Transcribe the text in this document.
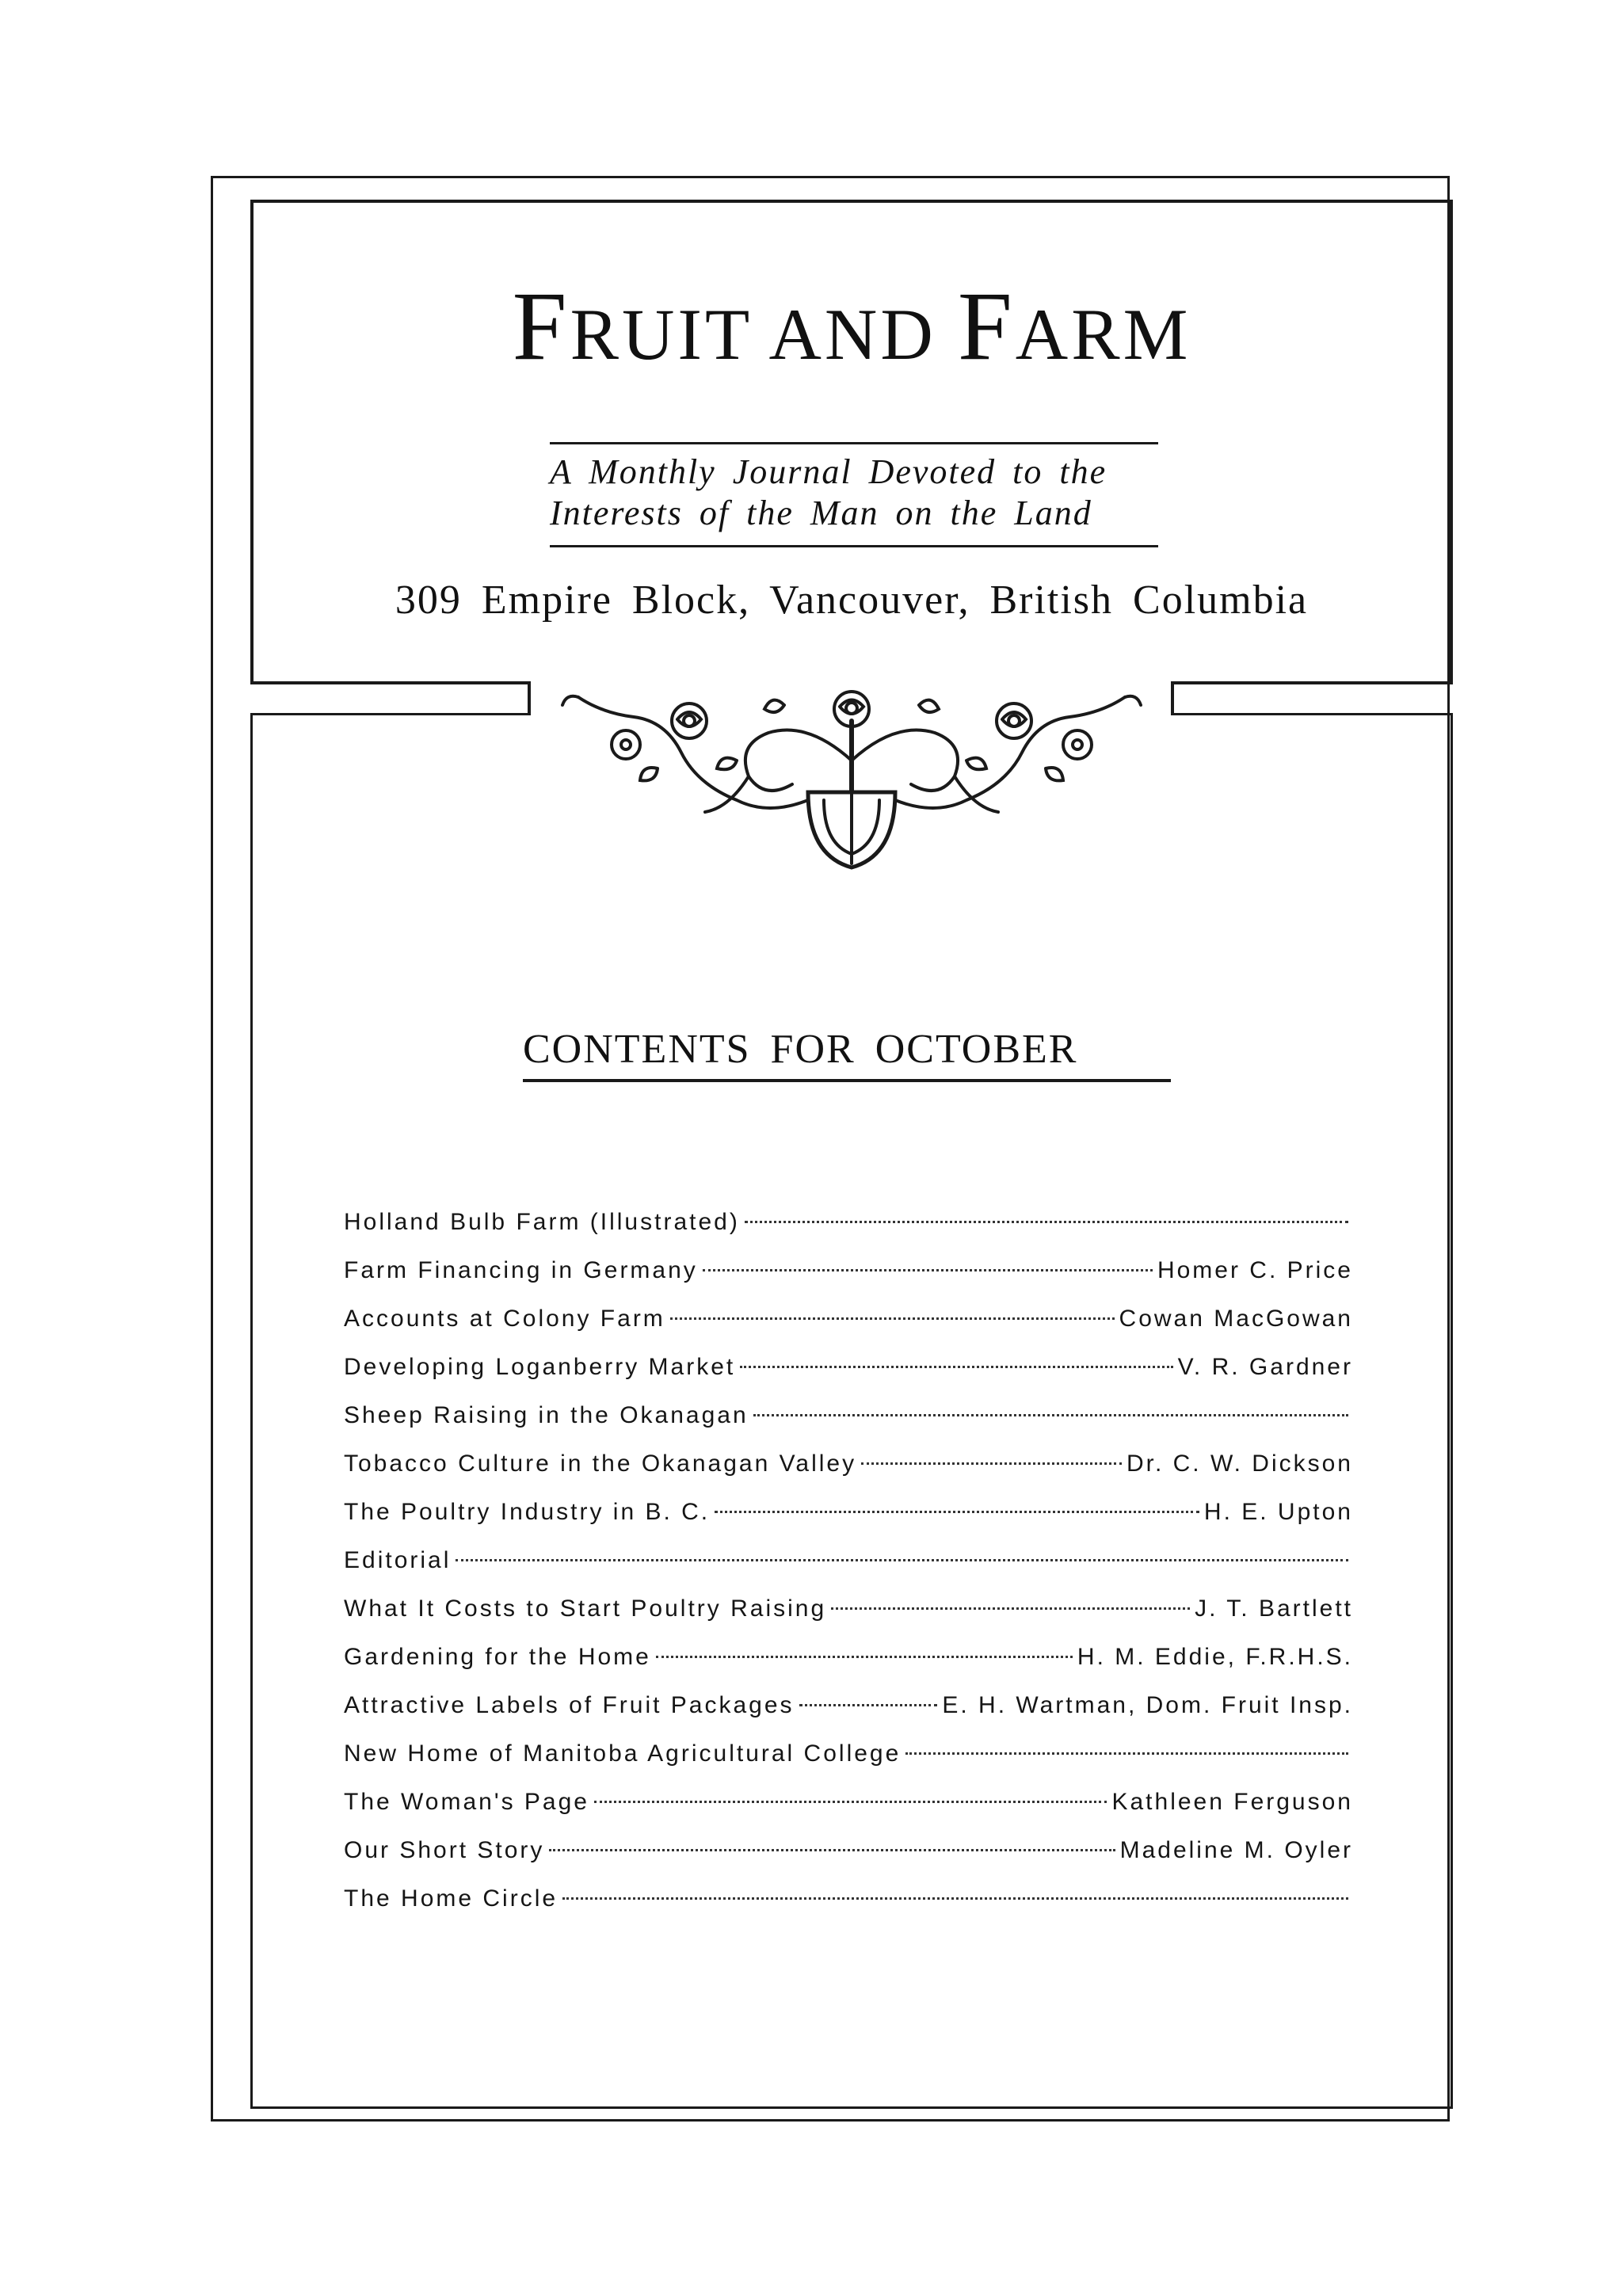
FRUIT AND FARM
A Monthly Journal Devoted to the
Interests of the Man on the Land
309 Empire Block, Vancouver, British Columbia
CONTENTS FOR OCTOBER
Holland Bulb Farm (Illustrated)
Farm Financing in Germany	Homer C. Price
Accounts at Colony Farm	Cowan MacGowan
Developing Loganberry Market	V. R. Gardner
Sheep Raising in the Okanagan
Tobacco Culture in the Okanagan Valley	Dr. C. W. Dickson
The Poultry Industry in B. C.	H. E. Upton
Editorial
What It Costs to Start Poultry Raising	J. T. Bartlett
Gardening for the Home	H. M. Eddie, F.R.H.S.
Attractive Labels of Fruit Packages	E. H. Wartman, Dom. Fruit Insp.
New Home of Manitoba Agricultural College
The Woman's Page	Kathleen Ferguson
Our Short Story	Madeline M. Oyler
The Home Circle
